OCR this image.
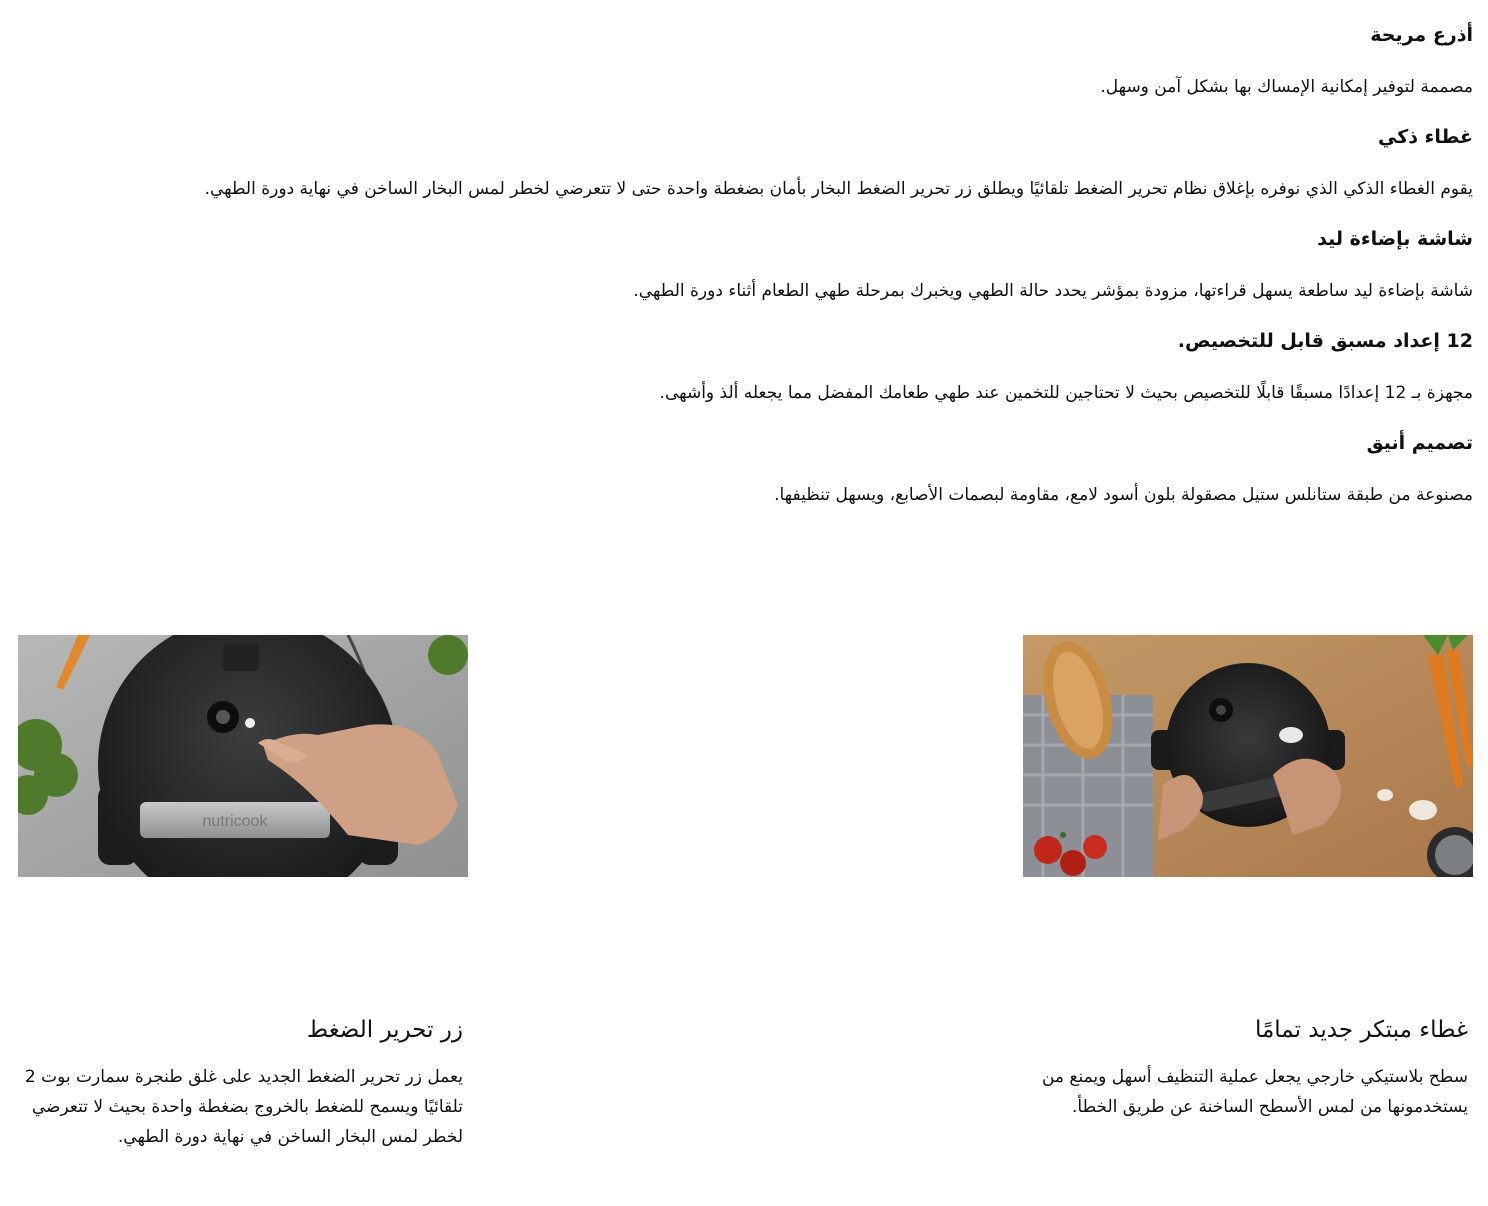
أذرع مريحة

مصممة لتوفير إمكانية الإمساك بها بشكل آمن وسهل.

غطاء ذكي

يقوم الغطاء الذكي الذي نوفره بإغلاق نظام تحرير الضغط تلقائيًا ويطلق زر تحرير الضغط البخار بأمان بضغطة واحدة حتى لا تتعرضي لخطر لمس البخار الساخن في نهاية دورة الطهي.

شاشة بإضاءة ليد

شاشة بإضاءة ليد ساطعة يسهل قراءتها، مزودة بمؤشر يحدد حالة الطهي ويخبرك بمرحلة طهي الطعام أثناء دورة الطهي.

12 إعداد مسبق قابل للتخصيص.

مجهزة بـ 12 إعدادًا مسبقًا قابلًا للتخصيص بحيث لا تحتاجين للتخمين عند طهي طعامك المفضل مما يجعله ألذ وأشهى.

تصميم أنيق

مصنوعة من طبقة ستانلس ستيل مصقولة بلون أسود لامع، مقاومة لبصمات الأصابع، ويسهل تنظيفها.

nutricook
غطاء مبتكر جديد تمامًا

سطح بلاستيكي خارجي يجعل عملية التنظيف أسهل ويمنع من يستخدمونها من لمس الأسطح الساخنة عن طريق الخطأ.

زر تحرير الضغط

يعمل زر تحرير الضغط الجديد على غلق طنجرة سمارت بوت 2 تلقائيًا ويسمح للضغط بالخروج بضغطة واحدة بحيث لا تتعرضي لخطر لمس البخار الساخن في نهاية دورة الطهي.
